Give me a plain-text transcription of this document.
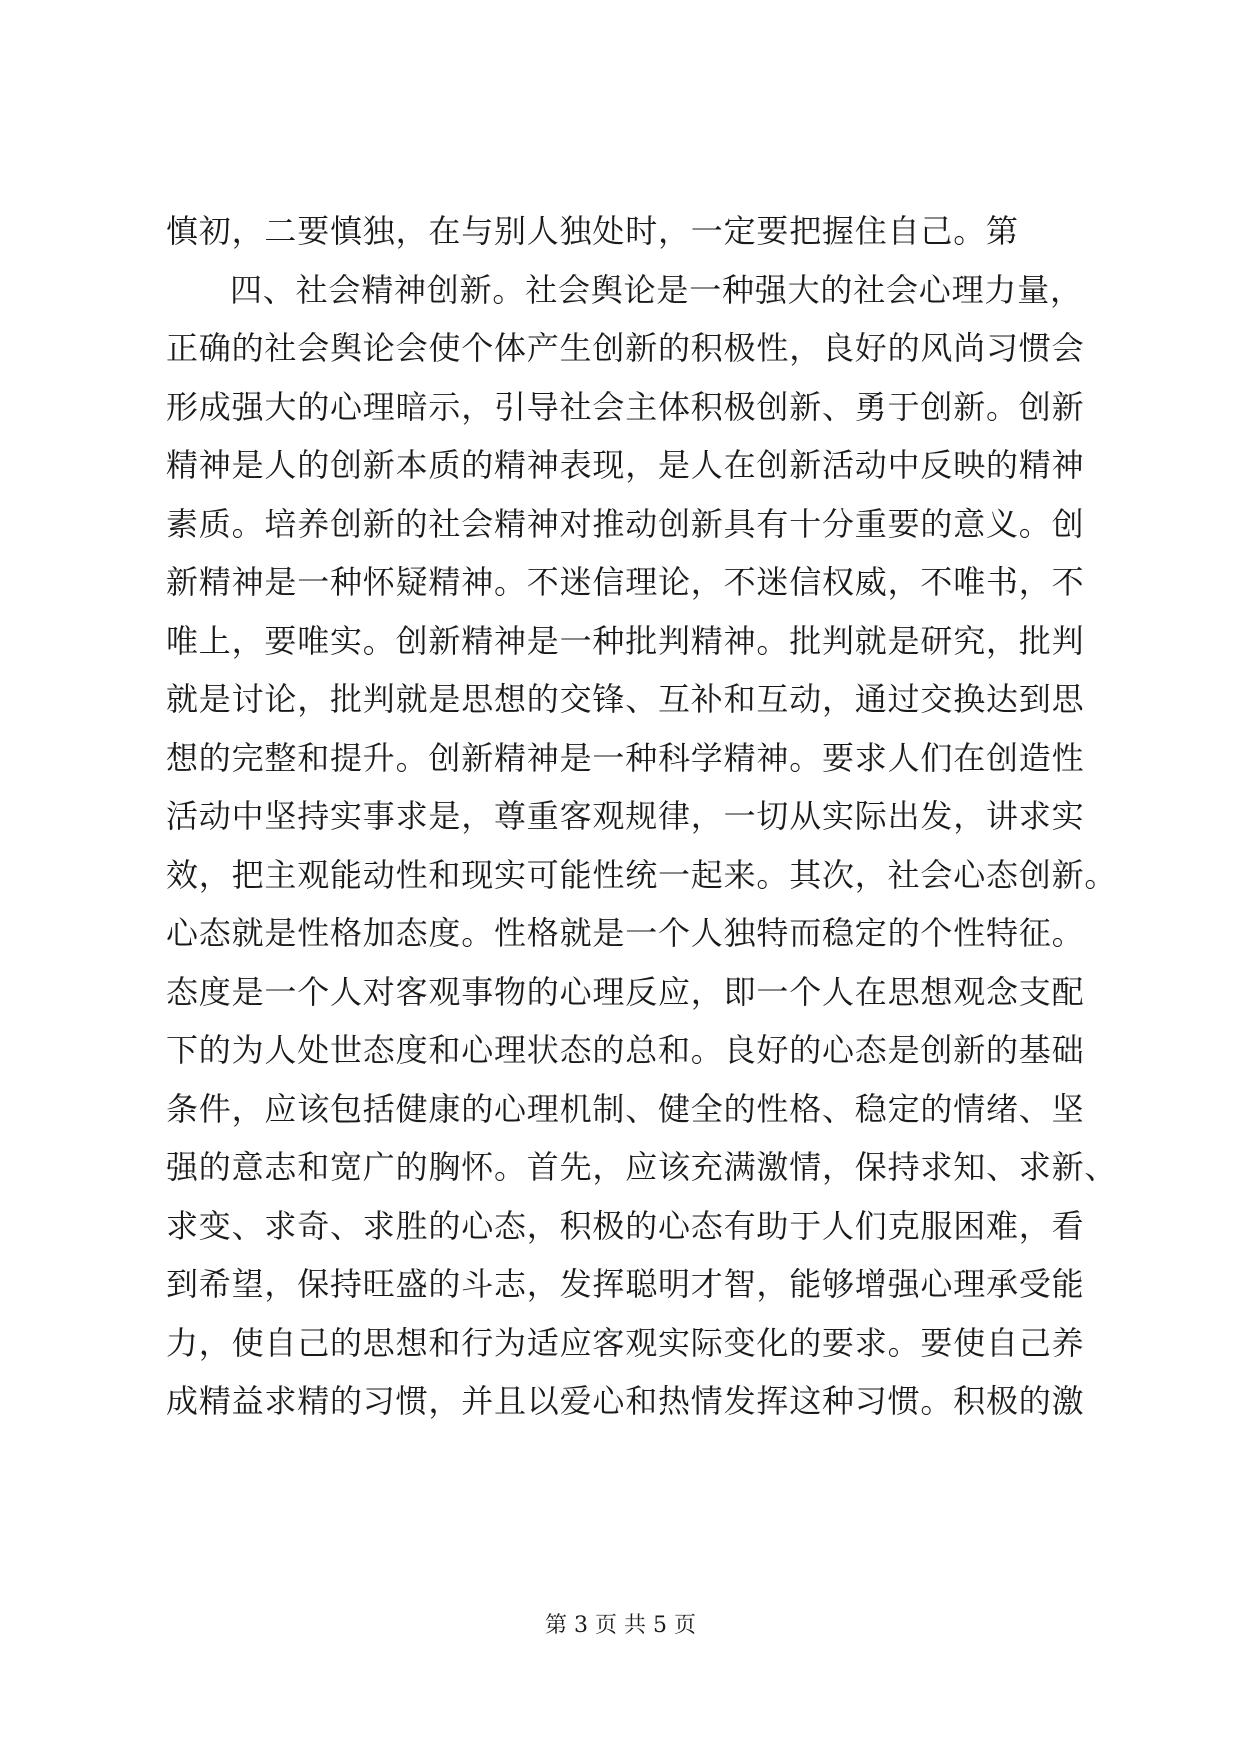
慎初，二要慎独，在与别人独处时，一定要把握住自己。第
四、社会精神创新。社会舆论是一种强大的社会心理力量，
正确的社会舆论会使个体产生创新的积极性，良好的风尚习惯会
形成强大的心理暗示，引导社会主体积极创新、勇于创新。创新
精神是人的创新本质的精神表现，是人在创新活动中反映的精神
素质。培养创新的社会精神对推动创新具有十分重要的意义。创
新精神是一种怀疑精神。不迷信理论，不迷信权威，不唯书，不
唯上，要唯实。创新精神是一种批判精神。批判就是研究，批判
就是讨论，批判就是思想的交锋、互补和互动，通过交换达到思
想的完整和提升。创新精神是一种科学精神。要求人们在创造性
活动中坚持实事求是，尊重客观规律，一切从实际出发，讲求实
效，把主观能动性和现实可能性统一起来。其次，社会心态创新。
心态就是性格加态度。性格就是一个人独特而稳定的个性特征。
态度是一个人对客观事物的心理反应，即一个人在思想观念支配
下的为人处世态度和心理状态的总和。良好的心态是创新的基础
条件，应该包括健康的心理机制、健全的性格、稳定的情绪、坚
强的意志和宽广的胸怀。首先，应该充满激情，保持求知、求新、
求变、求奇、求胜的心态，积极的心态有助于人们克服困难，看
到希望，保持旺盛的斗志，发挥聪明才智，能够增强心理承受能
力，使自己的思想和行为适应客观实际变化的要求。要使自己养
成精益求精的习惯，并且以爱心和热情发挥这种习惯。积极的激
第 3 页 共 5 页
